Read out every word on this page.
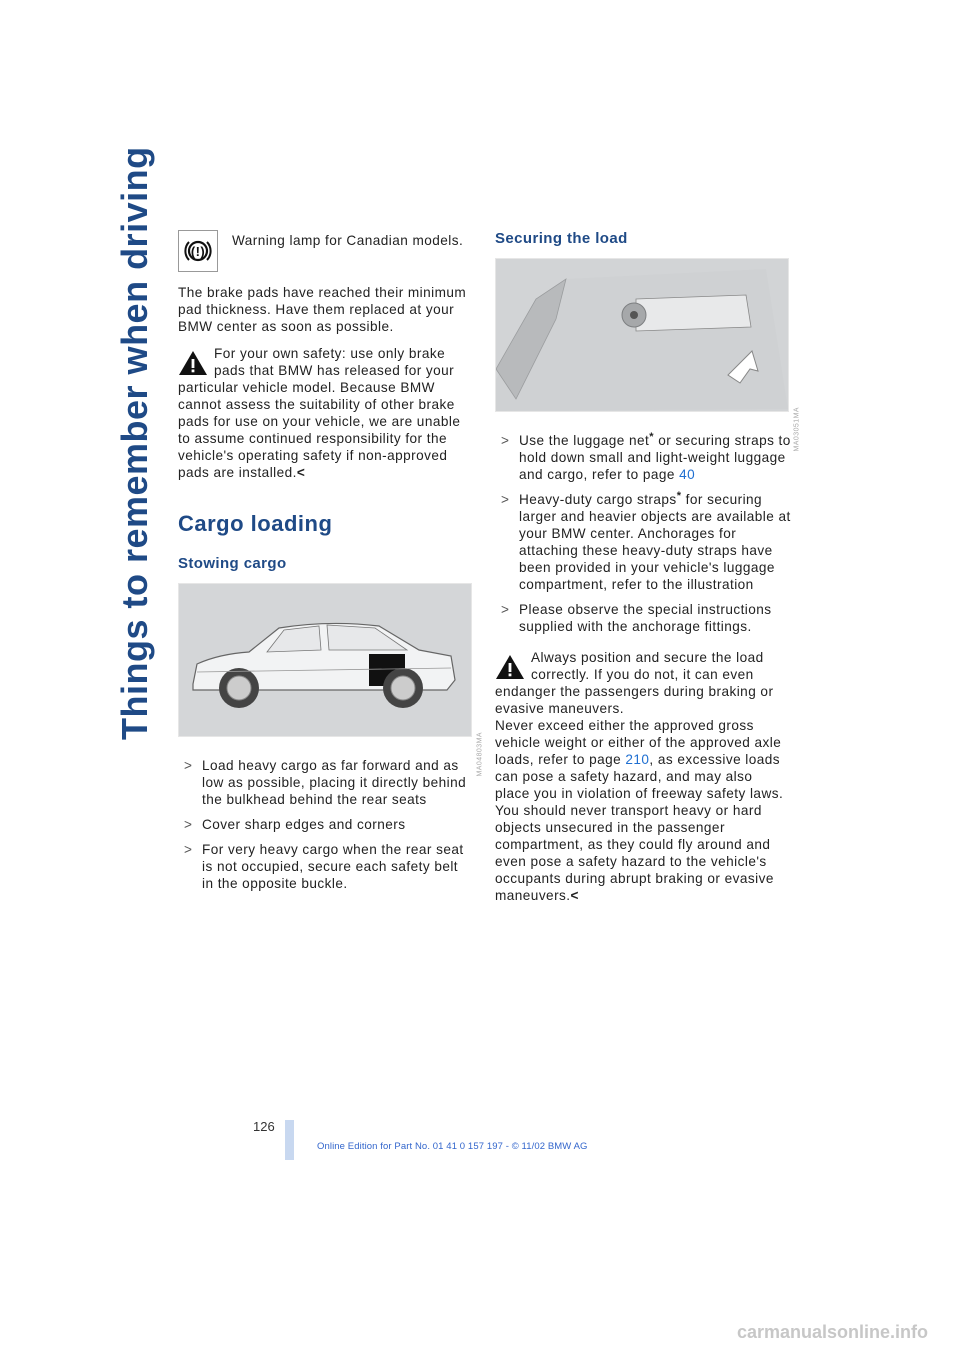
Things to remember when driving	(!)

Warning lamp for Canadian models.

The brake pads have reached their minimum pad thickness. Have them replaced at your BMW center as soon as possible.

For your own safety: use only brake pads that BMW has released for your particular vehicle model. Because BMW cannot assess the suitability of other brake pads for use on your vehicle, we are unable to assume continued responsibility for the vehicle's operating safety if non-approved pads are installed.<
Cargo loading
Stowing cargo
MA04803MA
> Load heavy cargo as far forward and as low as possible, placing it directly behind the bulkhead behind the rear seats
> Cover sharp edges and corners
> For very heavy cargo when the rear seat is not occupied, secure each safety belt in the opposite buckle.
Securing the load
MA03051MA
> Use the luggage net* or securing straps to hold down small and light-weight luggage and cargo, refer to page 40
> Heavy-duty cargo straps* for securing larger and heavier objects are available at your BMW center. Anchorages for attaching these heavy-duty straps have been provided in your vehicle's luggage compartment, refer to the illustration
> Please observe the special instructions supplied with the anchorage fittings.

Always position and secure the load correctly. If you do not, it can even endanger the passengers during braking or evasive maneuvers.

Never exceed either the approved gross vehicle weight or either of the approved axle loads, refer to page 210, as excessive loads can pose a safety hazard, and may also place you in violation of freeway safety laws.

You should never transport heavy or hard objects unsecured in the passenger compartment, as they could fly around and even pose a safety hazard to the vehicle's occupants during abrupt braking or evasive maneuvers.<

126
Online Edition for Part No. 01 41 0 157 197 - © 11/02 BMW AG
carmanualsonline.info
